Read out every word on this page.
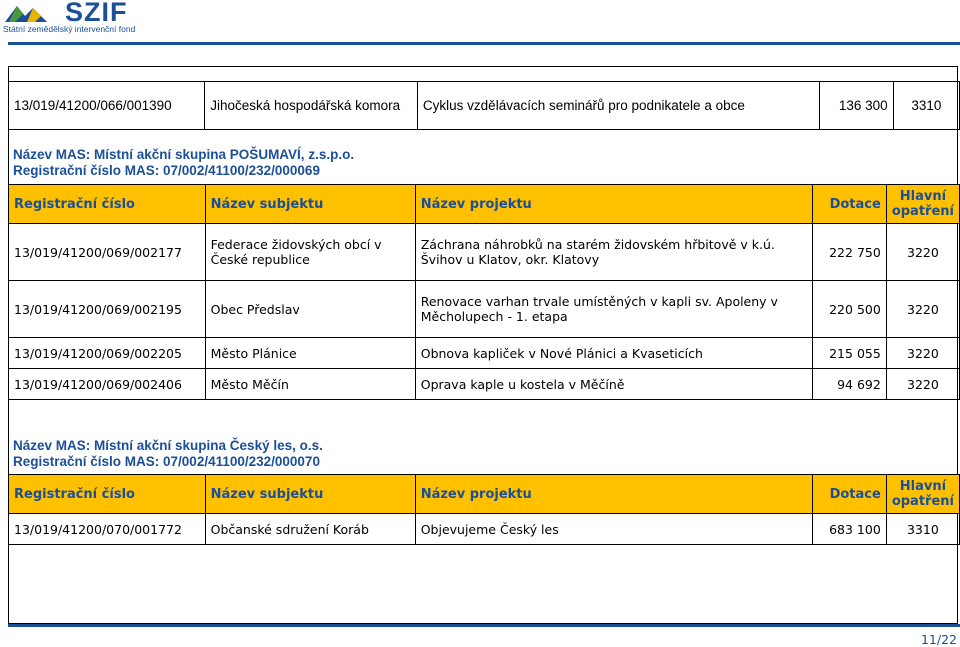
SZIF
Státní zemědělský intervenční fond
13/019/41200/066/001390	Jihočeská hospodářská komora	Cyklus vzdělávacích seminářů pro podnikatele a obce	136 300	3310
Název MAS: Místní akční skupina POŠUMAVÍ, z.s.p.o.
Registrační číslo MAS: 07/002/41100/232/000069
Registrační číslo	Název subjektu	Název projektu	Dotace	Hlavní opatření
13/019/41200/069/002177	Federace židovských obcí v České republice	Záchrana náhrobků na starém židovském hřbitově v k.ú. Švihov u Klatov, okr. Klatovy	222 750	3220
13/019/41200/069/002195	Obec Předslav	Renovace varhan trvale umístěných v kapli sv. Apoleny v Měcholupech - 1. etapa	220 500	3220
13/019/41200/069/002205	Město Plánice	Obnova kapliček v Nové Plánici a Kvaseticích	215 055	3220
13/019/41200/069/002406	Město Měčín	Oprava kaple u kostela v Měčíně	94 692	3220
Název MAS: Místní akční skupina Český les, o.s.
Registrační číslo MAS: 07/002/41100/232/000070
Registrační číslo	Název subjektu	Název projektu	Dotace	Hlavní opatření
13/019/41200/070/001772	Občanské sdružení Koráb	Objevujeme Český les	683 100	3310
11/22
